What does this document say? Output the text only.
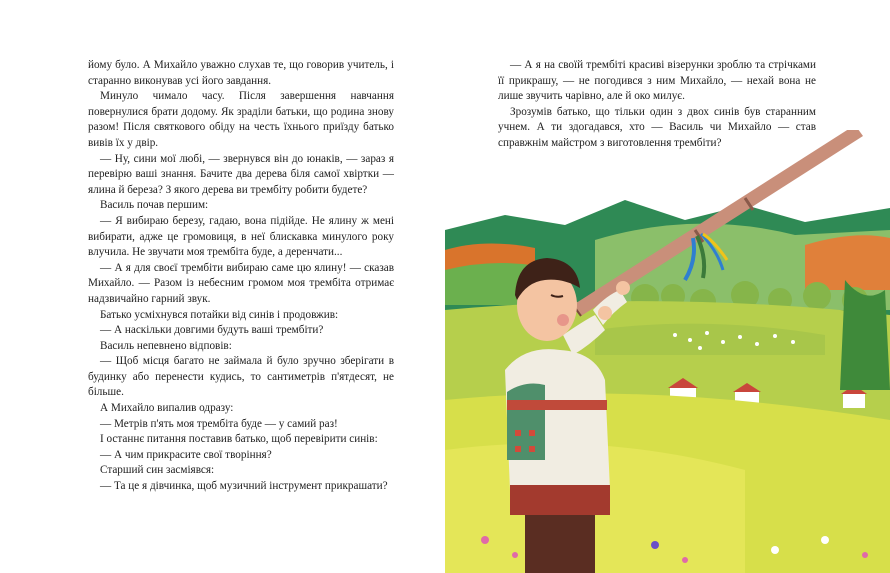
йому було. А Михайло уважно слухав те, що говорив учитель, і старанно виконував усі його завдання.

Минуло чимало часу. Після завершення навчання повернулися брати додому. Як зраділи батьки, що родина знову разом! Після святкового обіду на честь їхнього приїзду батько вивів їх у двір.

— Ну, сини мої любі, — звернувся він до юнаків, — зараз я перевірю ваші знання. Бачите два дерева біля самої хвіртки — ялина й береза? З якого дерева ви трембіту робити будете?

Василь почав першим:

— Я вибираю березу, гадаю, вона підійде. Не ялину ж мені вибирати, адже це громовиця, в неї блискавка минулого року влучила. Не звучати моя трембіта буде, а деренчати...

— А я для своєї трембіти вибираю саме цю ялину! — сказав Михайло. — Разом із небесним громом моя трембіта отримає надзвичайно гарний звук.

Батько усміхнувся потайки від синів і продовжив:

— А наскільки довгими будуть ваші трембіти?

Василь непевнено відповів:

— Щоб місця багато не займала й було зручно зберігати в будинку або перенести кудись, то сантиметрів п'ятдесят, не більше.

А Михайло випалив одразу:

— Метрів п'ять моя трембіта буде — у самий раз!

І останнє питання поставив батько, щоб перевірити синів:

— А чим прикрасите свої творіння?

Старший син засміявся:

— Та це я дівчинка, щоб музичний інструмент прикрашати?

— А я на своїй трембіті красиві візерунки зроблю та стрічками її прикрашу, — не погодився з ним Михайло, — нехай вона не лише звучить чарівно, але й око милує.

Зрозумів батько, що тільки один з двох синів був старанним учнем. А ти здогадався, хто — Василь чи Михайло — став справжнім майстром з виготовлення трембіти?
